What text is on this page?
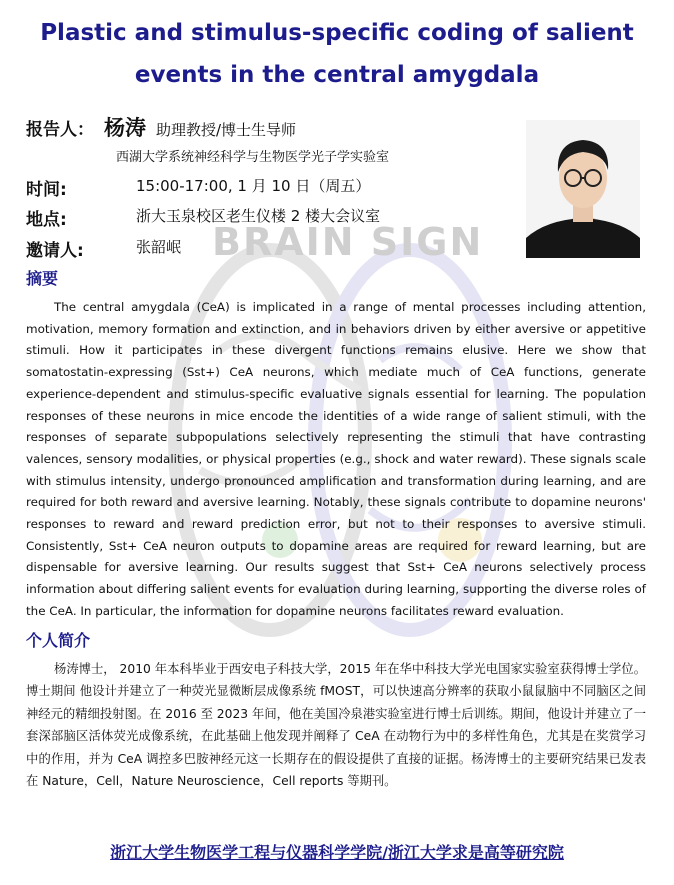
BRAIN SIGN
Plastic and stimulus-specific coding of salient events in the central amygdala
报告人： 杨涛 助理教授/博士生导师
西湖大学系统神经科学与生物医学光子学实验室
时间:	15:00-17:00, 1 月 10 日（周五）
地点:	浙大玉泉校区老生仪楼 2 楼大会议室
邀请人:	张韶岷
摘要

The central amygdala (CeA) is implicated in a range of mental processes including attention, motivation, memory formation and extinction, and in behaviors driven by either aversive or appetitive stimuli. How it participates in these divergent functions remains elusive. Here we show that somatostatin-expressing (Sst+) CeA neurons, which mediate much of CeA functions, generate experience-dependent and stimulus-specific evaluative signals essential for learning. The population responses of these neurons in mice encode the identities of a wide range of salient stimuli, with the responses of separate subpopulations selectively representing the stimuli that have contrasting valences, sensory modalities, or physical properties (e.g., shock and water reward). These signals scale with stimulus intensity, undergo pronounced amplification and transformation during learning, and are required for both reward and aversive learning. Notably, these signals contribute to dopamine neurons' responses to reward and reward prediction error, but not to their responses to aversive stimuli. Consistently, Sst+ CeA neuron outputs to dopamine areas are required for reward learning, but are dispensable for aversive learning. Our results suggest that Sst+ CeA neurons selectively process information about differing salient events for evaluation during learning, supporting the diverse roles of the CeA. In particular, the information for dopamine neurons facilitates reward evaluation.

个人简介

杨涛博士， 2010 年本科毕业于西安电子科技大学，2015 年在华中科技大学光电国家实验室获得博士学位。博士期间 他设计并建立了一种荧光显微断层成像系统 fMOST，可以快速高分辨率的获取小鼠鼠脑中不同脑区之间神经元的精细投射图。在 2016 至 2023 年间，他在美国冷泉港实验室进行博士后训练。期间，他设计并建立了一套深部脑区活体荧光成像系统，在此基础上他发现并阐释了 CeA 在动物行为中的多样性角色，尤其是在奖赏学习中的作用，并为 CeA 调控多巴胺神经元这一长期存在的假设提供了直接的证据。杨涛博士的主要研究结果已发表在 Nature，Cell，Nature Neuroscience，Cell reports 等期刊。

浙江大学生物医学工程与仪器科学学院/浙江大学求是高等研究院
